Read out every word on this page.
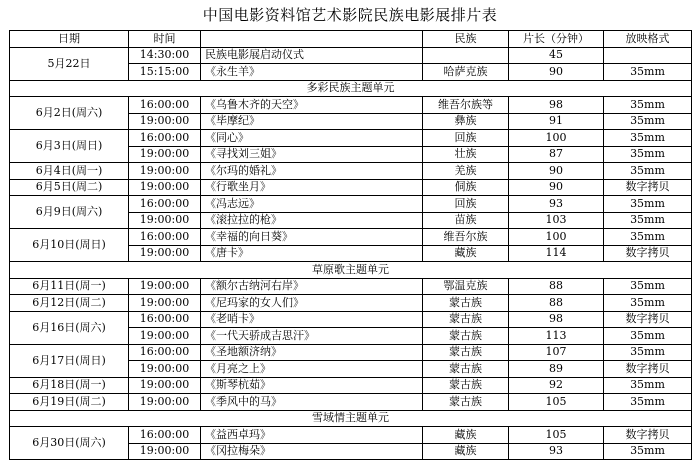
中国电影资料馆艺术影院民族电影展排片表
日期	时间		民族	片长（分钟）	放映格式
5月22日	14:30:00	民族电影展启动仪式		45	
	15:15:00	《永生羊》	哈萨克族	90	35mm
多彩民族主题单元					
6月2日(周六)	16:00:00	《乌鲁木齐的天空》	维吾尔族等	98	35mm
	19:00:00	《毕摩纪》	彝族	91	35mm
6月3日(周日)	16:00:00	《同心》	回族	100	35mm
	19:00:00	《寻找刘三姐》	壮族	87	35mm
6月4日(周一)	19:00:00	《尔玛的婚礼》	羌族	90	35mm
6月5日(周二)	19:00:00	《行歌坐月》	侗族	90	数字拷贝
6月9日(周六)	16:00:00	《冯志远》	回族	93	35mm
	19:00:00	《滚拉拉的枪》	苗族	103	35mm
6月10日(周日)	16:00:00	《幸福的向日葵》	维吾尔族	100	35mm
	19:00:00	《唐卡》	藏族	114	数字拷贝
草原歌主题单元					
6月11日(周一)	19:00:00	《额尔古纳河右岸》	鄂温克族	88	35mm
6月12日(周二)	19:00:00	《尼玛家的女人们》	蒙古族	88	35mm
6月16日(周六)	16:00:00	《老哨卡》	蒙古族	98	数字拷贝
	19:00:00	《一代天骄成吉思汗》	蒙古族	113	35mm
6月17日(周日)	16:00:00	《圣地额济纳》	蒙古族	107	35mm
	19:00:00	《月亮之上》	蒙古族	89	数字拷贝
6月18日(周一)	19:00:00	《斯琴杭茹》	蒙古族	92	35mm
6月19日(周二)	19:00:00	《季风中的马》	蒙古族	105	35mm
雪域情主题单元					
6月30日(周六)	16:00:00	《益西卓玛》	藏族	105	数字拷贝
	19:00:00	《冈拉梅朵》	藏族	93	35mm
